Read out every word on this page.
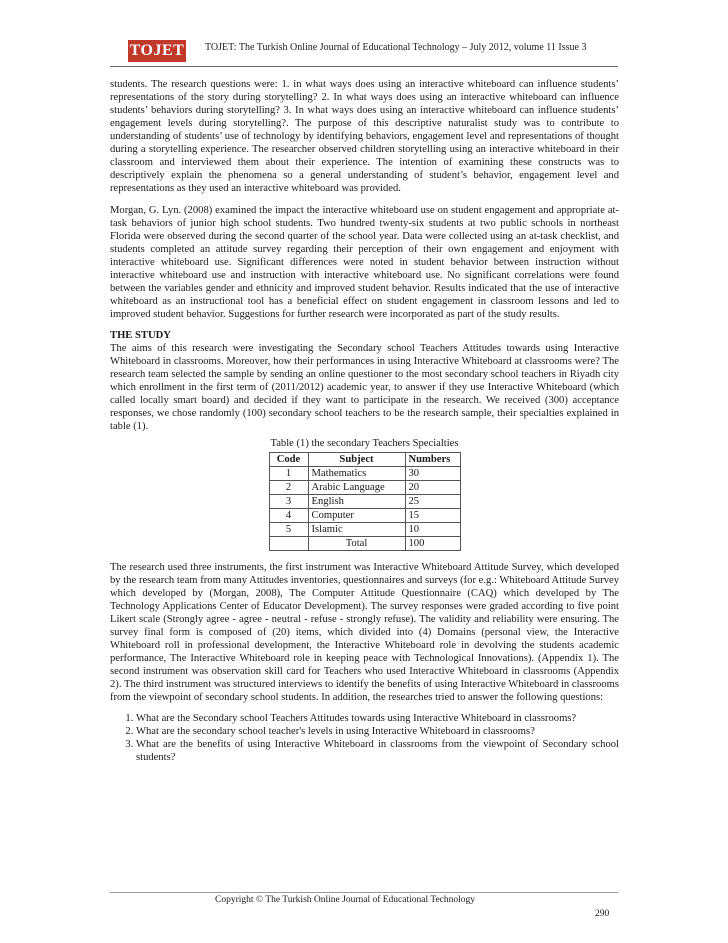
TOJET TOJET: The Turkish Online Journal of Educational Technology – July 2012, volume 11 Issue 3

students. The research questions were: 1. in what ways does using an interactive whiteboard can influence students’ representations of the story during storytelling? 2. In what ways does using an interactive whiteboard can influence students’ behaviors during storytelling? 3. In what ways does using an interactive whiteboard can influence students’ engagement levels during storytelling?. The purpose of this descriptive naturalist study was to contribute to understanding of students’ use of technology by identifying behaviors, engagement level and representations of thought during a storytelling experience. The researcher observed children storytelling using an interactive whiteboard in their classroom and interviewed them about their experience. The intention of examining these constructs was to descriptively explain the phenomena so a general understanding of student’s behavior, engagement level and representations as they used an interactive whiteboard was provided.

Morgan, G. Lyn. (2008) examined the impact the interactive whiteboard use on student engagement and appropriate at-task behaviors of junior high school students. Two hundred twenty-six students at two public schools in northeast Florida were observed during the second quarter of the school year. Data were collected using an at-task checklist, and students completed an attitude survey regarding their perception of their own engagement and enjoyment with interactive whiteboard use. Significant differences were noted in student behavior between instruction without interactive whiteboard use and instruction with interactive whiteboard use. No significant correlations were found between the variables gender and ethnicity and improved student behavior. Results indicated that the use of interactive whiteboard as an instructional tool has a beneficial effect on student engagement in classroom lessons and led to improved student behavior. Suggestions for further research were incorporated as part of the study results.

THE STUDY

The aims of this research were investigating the Secondary school Teachers Attitudes towards using Interactive Whiteboard in classrooms. Moreover, how their performances in using Interactive Whiteboard at classrooms were? The research team selected the sample by sending an online questioner to the most secondary school teachers in Riyadh city which enrollment in the first term of (2011/2012) academic year, to answer if they use Interactive Whiteboard (which called locally smart board) and decided if they want to participate in the research. We received (300) acceptance responses, we chose randomly (100) secondary school teachers to be the research sample, their specialties explained in table (1).

Table (1) the secondary Teachers Specialties
Code	Subject	Numbers
1	Mathematics	30
2	Arabic Language	20
3	English	25
4	Computer	15
5	Islamic	10
	Total	100

The research used three instruments, the first instrument was Interactive Whiteboard Attitude Survey, which developed by the research team from many Attitudes inventories, questionnaires and surveys (for e.g.: Whiteboard Attitude Survey which developed by (Morgan, 2008), The Computer Attitude Questionnaire (CAQ) which developed by The Technology Applications Center of Educator Development). The survey responses were graded according to five point Likert scale (Strongly agree - agree - neutral - refuse - strongly refuse). The validity and reliability were ensuring. The survey final form is composed of (20) items, which divided into (4) Domains (personal view, the Interactive Whiteboard roll in professional development, the Interactive Whiteboard role in devolving the students academic performance, The Interactive Whiteboard role in keeping peace with Technological Innovations). (Appendix 1). The second instrument was observation skill card for Teachers who used Interactive Whiteboard in classrooms (Appendix 2). The third instrument was structured interviews to identify the benefits of using Interactive Whiteboard in classrooms from the viewpoint of secondary school students. In addition, the researches tried to answer the following questions:

1. What are the Secondary school Teachers Attitudes towards using Interactive Whiteboard in classrooms?
2. What are the secondary school teacher's levels in using Interactive Whiteboard in classrooms?
3. What are the benefits of using Interactive Whiteboard in classrooms from the viewpoint of Secondary school students?
Copyright © The Turkish Online Journal of Educational Technology
290
